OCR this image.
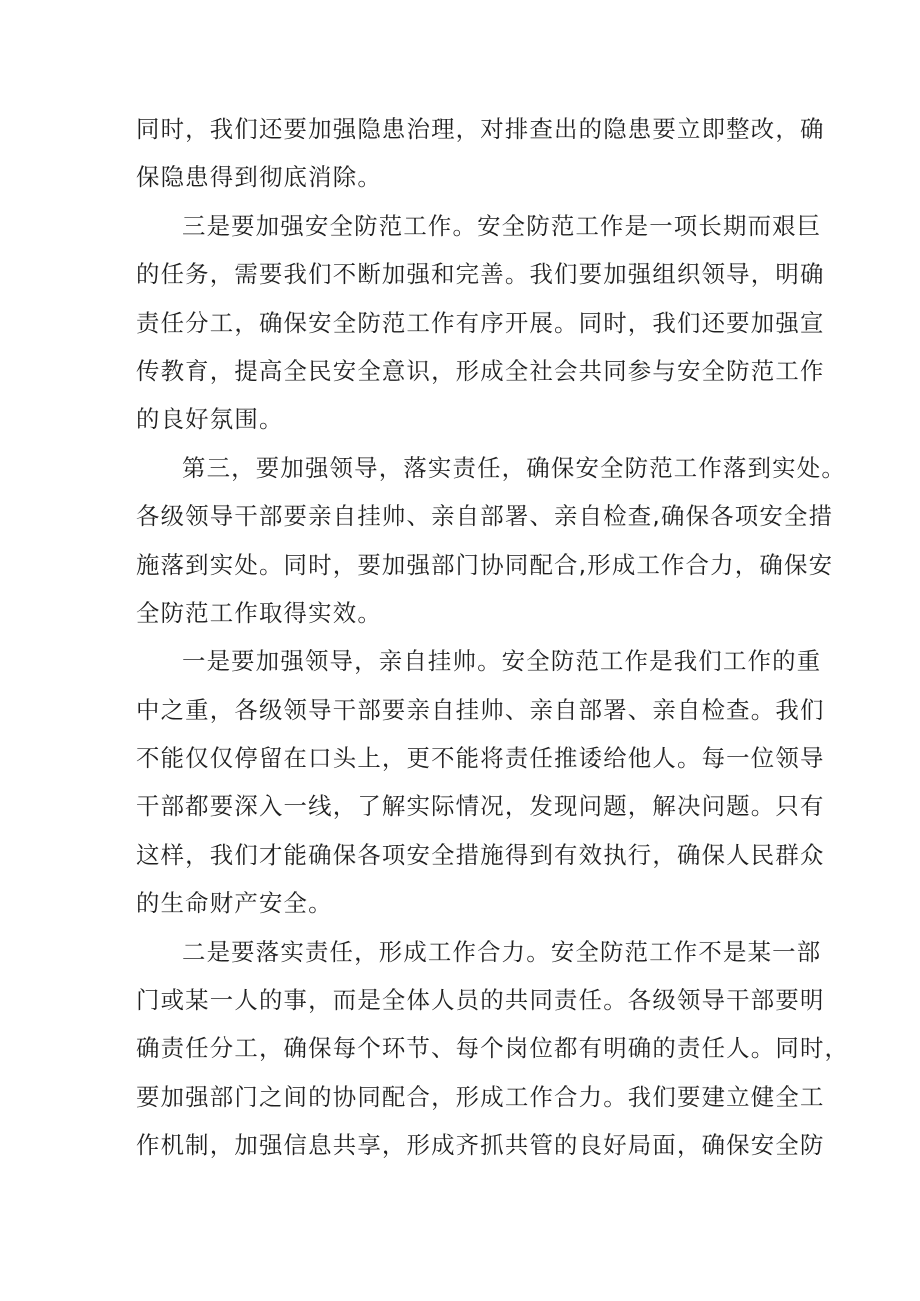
同时，我们还要加强隐患治理，对排查出的隐患要立即整改，确
保隐患得到彻底消除。
三是要加强安全防范工作。安全防范工作是一项长期而艰巨
的任务，需要我们不断加强和完善。我们要加强组织领导，明确
责任分工，确保安全防范工作有序开展。同时，我们还要加强宣
传教育，提高全民安全意识，形成全社会共同参与安全防范工作
的良好氛围。
第三，要加强领导，落实责任，确保安全防范工作落到实处。
各级领导干部要亲自挂帅、亲自部署、亲自检查,确保各项安全措
施落到实处。同时，要加强部门协同配合,形成工作合力，确保安
全防范工作取得实效。
一是要加强领导，亲自挂帅。安全防范工作是我们工作的重
中之重，各级领导干部要亲自挂帅、亲自部署、亲自检查。我们
不能仅仅停留在口头上，更不能将责任推诿给他人。每一位领导
干部都要深入一线，了解实际情况，发现问题，解决问题。只有
这样，我们才能确保各项安全措施得到有效执行，确保人民群众
的生命财产安全。
二是要落实责任，形成工作合力。安全防范工作不是某一部
门或某一人的事，而是全体人员的共同责任。各级领导干部要明
确责任分工，确保每个环节、每个岗位都有明确的责任人。同时，
要加强部门之间的协同配合，形成工作合力。我们要建立健全工
作机制，加强信息共享，形成齐抓共管的良好局面，确保安全防
